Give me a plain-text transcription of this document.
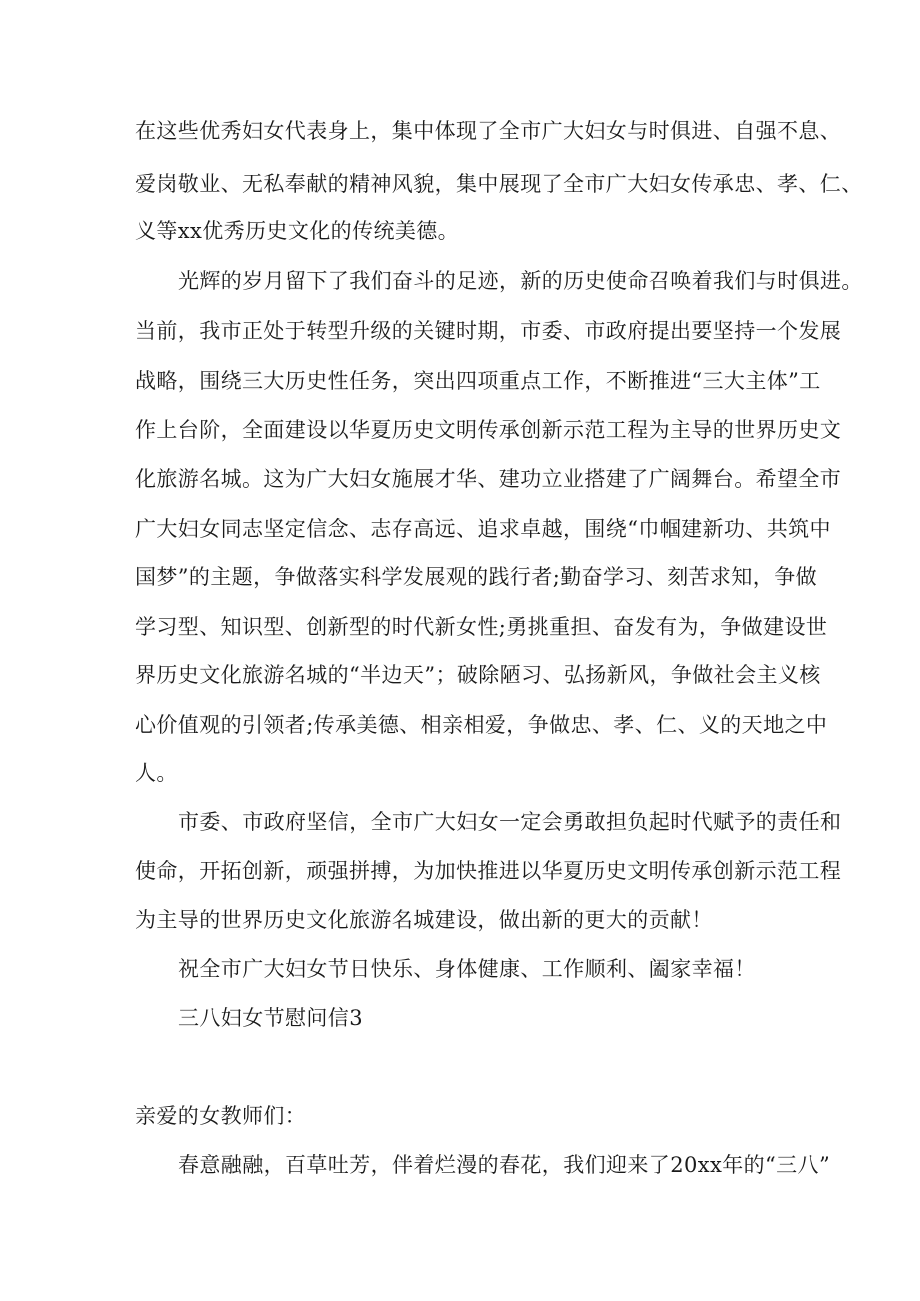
在这些优秀妇女代表身上，集中体现了全市广大妇女与时俱进、自强不息、
爱岗敬业、无私奉献的精神风貌，集中展现了全市广大妇女传承忠、孝、仁、
义等xx优秀历史文化的传统美德。
光辉的岁月留下了我们奋斗的足迹，新的历史使命召唤着我们与时俱进。
当前，我市正处于转型升级的关键时期，市委、市政府提出要坚持一个发展
战略，围绕三大历史性任务，突出四项重点工作，不断推进“三大主体”工
作上台阶，全面建设以华夏历史文明传承创新示范工程为主导的世界历史文
化旅游名城。这为广大妇女施展才华、建功立业搭建了广阔舞台。希望全市
广大妇女同志坚定信念、志存高远、追求卓越，围绕“巾帼建新功、共筑中
国梦”的主题，争做落实科学发展观的践行者;勤奋学习、刻苦求知，争做
学习型、知识型、创新型的时代新女性;勇挑重担、奋发有为，争做建设世
界历史文化旅游名城的“半边天”；破除陋习、弘扬新风，争做社会主义核
心价值观的引领者;传承美德、相亲相爱，争做忠、孝、仁、义的天地之中
人。
市委、市政府坚信，全市广大妇女一定会勇敢担负起时代赋予的责任和
使命，开拓创新，顽强拼搏，为加快推进以华夏历史文明传承创新示范工程
为主导的世界历史文化旅游名城建设，做出新的更大的贡献！
祝全市广大妇女节日快乐、身体健康、工作顺利、阖家幸福！
三八妇女节慰问信3
亲爱的女教师们：
春意融融，百草吐芳，伴着烂漫的春花，我们迎来了20xx年的“三八”
